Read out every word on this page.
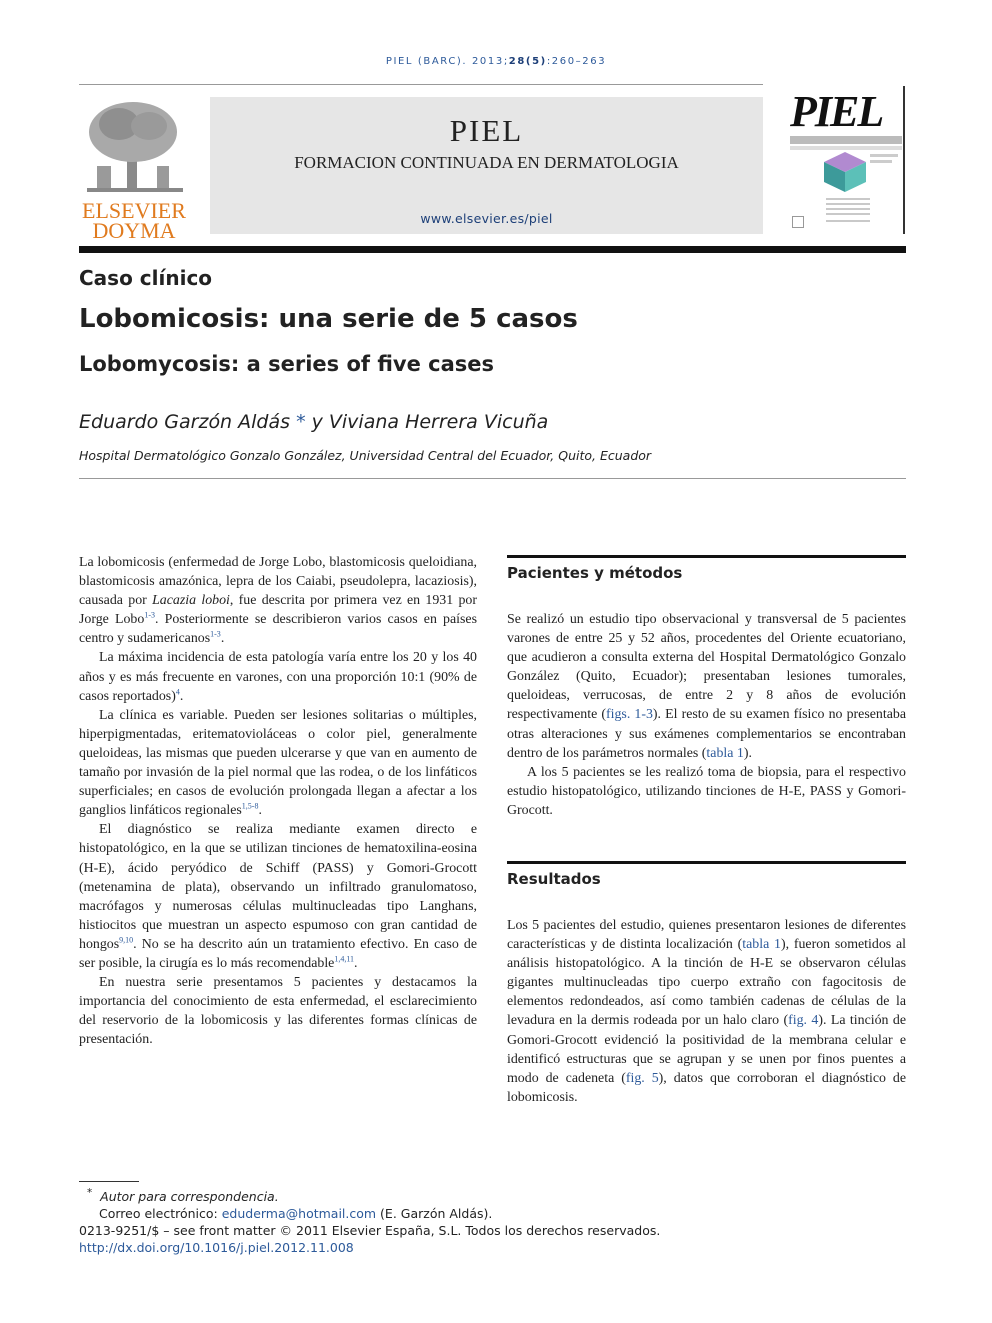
PIEL (BARC). 2013;28(5):260–263
ELSEVIER
DOYMA
PIEL
FORMACION CONTINUADA EN DERMATOLOGIA
www.elsevier.es/piel
PIEL
Caso clínico
Lobomicosis: una serie de 5 casos
Lobomycosis: a series of five cases
Eduardo Garzón Aldás * y Viviana Herrera Vicuña
Hospital Dermatológico Gonzalo González, Universidad Central del Ecuador, Quito, Ecuador

La lobomicosis (enfermedad de Jorge Lobo, blastomicosis queloidiana, blastomicosis amazónica, lepra de los Caiabi, pseudolepra, lacaziosis), causada por Lacazia loboi, fue descrita por primera vez en 1931 por Jorge Lobo$^{1-3}$. Posteriormente se describieron varios casos en países centro y sudamericanos$^{1-3}$.

La máxima incidencia de esta patología varía entre los 20 y los 40 años y es más frecuente en varones, con una proporción 10:1 (90% de casos reportados)$^4$.

La clínica es variable. Pueden ser lesiones solitarias o múltiples, hiperpigmentadas, eritematovioláceas o color piel, generalmente queloideas, las mismas que pueden ulcerarse y que van en aumento de tamaño por invasión de la piel normal que las rodea, o de los linfáticos superficiales; en casos de evolución prolongada llegan a afectar a los ganglios linfáticos regionales$^{1,5-8}$.

El diagnóstico se realiza mediante examen directo e histopatológico, en la que se utilizan tinciones de hematoxilina-eosina (H-E), ácido peryódico de Schiff (PASS) y Gomori-Grocott (metenamina de plata), observando un infiltrado granulomatoso, macrófagos y numerosas células multinucleadas tipo Langhans, histiocitos que muestran un aspecto espumoso con gran cantidad de hongos$^{9,10}$. No se ha descrito aún un tratamiento efectivo. En caso de ser posible, la cirugía es lo más recomendable$^{1,4,11}$.

En nuestra serie presentamos 5 pacientes y destacamos la importancia del conocimiento de esta enfermedad, el esclarecimiento del reservorio de la lobomicosis y las diferentes formas clínicas de presentación.

Pacientes y métodos

Se realizó un estudio tipo observacional y transversal de 5 pacientes varones de entre 25 y 52 años, procedentes del Oriente ecuatoriano, que acudieron a consulta externa del Hospital Dermatológico Gonzalo González (Quito, Ecuador); presentaban lesiones tumorales, queloideas, verrucosas, de entre 2 y 8 años de evolución respectivamente (figs. 1-3). El resto de su examen físico no presentaba otras alteraciones y sus exámenes complementarios se encontraban dentro de los parámetros normales (tabla 1).

A los 5 pacientes se les realizó toma de biopsia, para el respectivo estudio histopatológico, utilizando tinciones de H-E, PASS y Gomori-Grocott.

Resultados

Los 5 pacientes del estudio, quienes presentaron lesiones de diferentes características y de distinta localización (tabla 1), fueron sometidos al análisis histopatológico. A la tinción de H-E se observaron células gigantes multinucleadas tipo cuerpo extraño con fagocitosis de elementos redondeados, así como también cadenas de células de la levadura en la dermis rodeada por un halo claro (fig. 4). La tinción de Gomori-Grocott evidenció la positividad de la membrana celular e identificó estructuras que se agrupan y se unen por finos puentes a modo de cadeneta (fig. 5), datos que corroboran el diagnóstico de lobomicosis.

* Autor para correspondencia.
Correo electrónico: eduderma@hotmail.com (E. Garzón Aldás).
0213-9251/$ – see front matter © 2011 Elsevier España, S.L. Todos los derechos reservados.
http://dx.doi.org/10.1016/j.piel.2012.11.008
